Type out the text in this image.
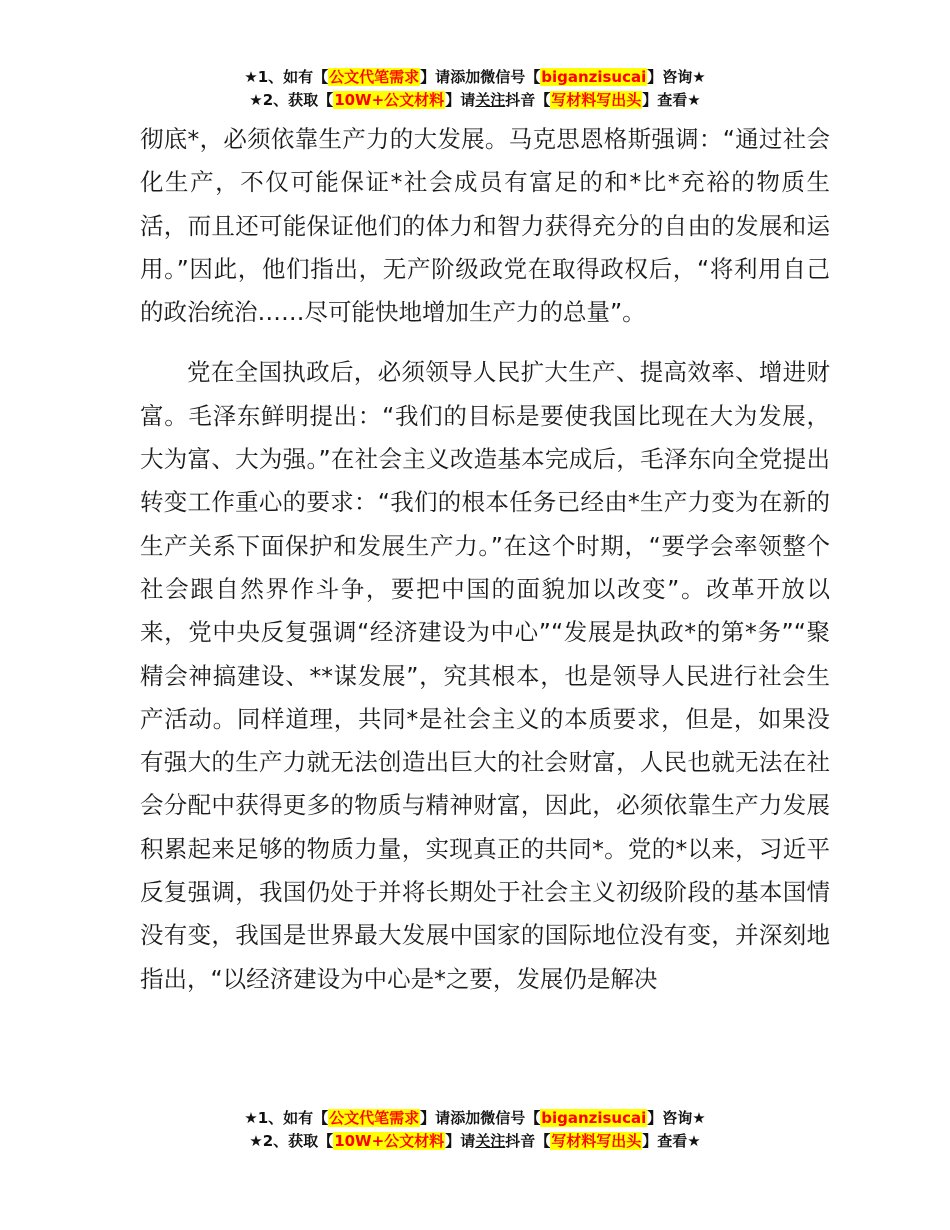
★1、如有【公文代笔需求】请添加微信号【biganzisucai】咨询★
★2、获取【10W+公文材料】请关注抖音【写材料写出头】查看★

彻底*，必须依靠生产力的大发展。马克思恩格斯强调：“通过社会化生产，不仅可能保证*社会成员有富足的和*比*充裕的物质生活，而且还可能保证他们的体力和智力获得充分的自由的发展和运用。”因此，他们指出，无产阶级政党在取得政权后，“将利用自己的政治统治……尽可能快地增加生产力的总量”。

党在全国执政后，必须领导人民扩大生产、提高效率、增进财富。毛泽东鲜明提出：“我们的目标是要使我国比现在大为发展，大为富、大为强。”在社会主义改造基本完成后，毛泽东向全党提出转变工作重心的要求：“我们的根本任务已经由*生产力变为在新的生产关系下面保护和发展生产力。”在这个时期，“要学会率领整个社会跟自然界作斗争，要把中国的面貌加以改变”。改革开放以来，党中央反复强调“经济建设为中心”“发展是执政*的第*务”“聚精会神搞建设、**谋发展”，究其根本，也是领导人民进行社会生产活动。同样道理，共同*是社会主义的本质要求，但是，如果没有强大的生产力就无法创造出巨大的社会财富，人民也就无法在社会分配中获得更多的物质与精神财富，因此，必须依靠生产力发展积累起来足够的物质力量，实现真正的共同*。党的*以来，习近平反复强调，我国仍处于并将长期处于社会主义初级阶段的基本国情没有变，我国是世界最大发展中国家的国际地位没有变，并深刻地指出，“以经济建设为中心是*之要，发展仍是解决

★1、如有【公文代笔需求】请添加微信号【biganzisucai】咨询★
★2、获取【10W+公文材料】请关注抖音【写材料写出头】查看★
